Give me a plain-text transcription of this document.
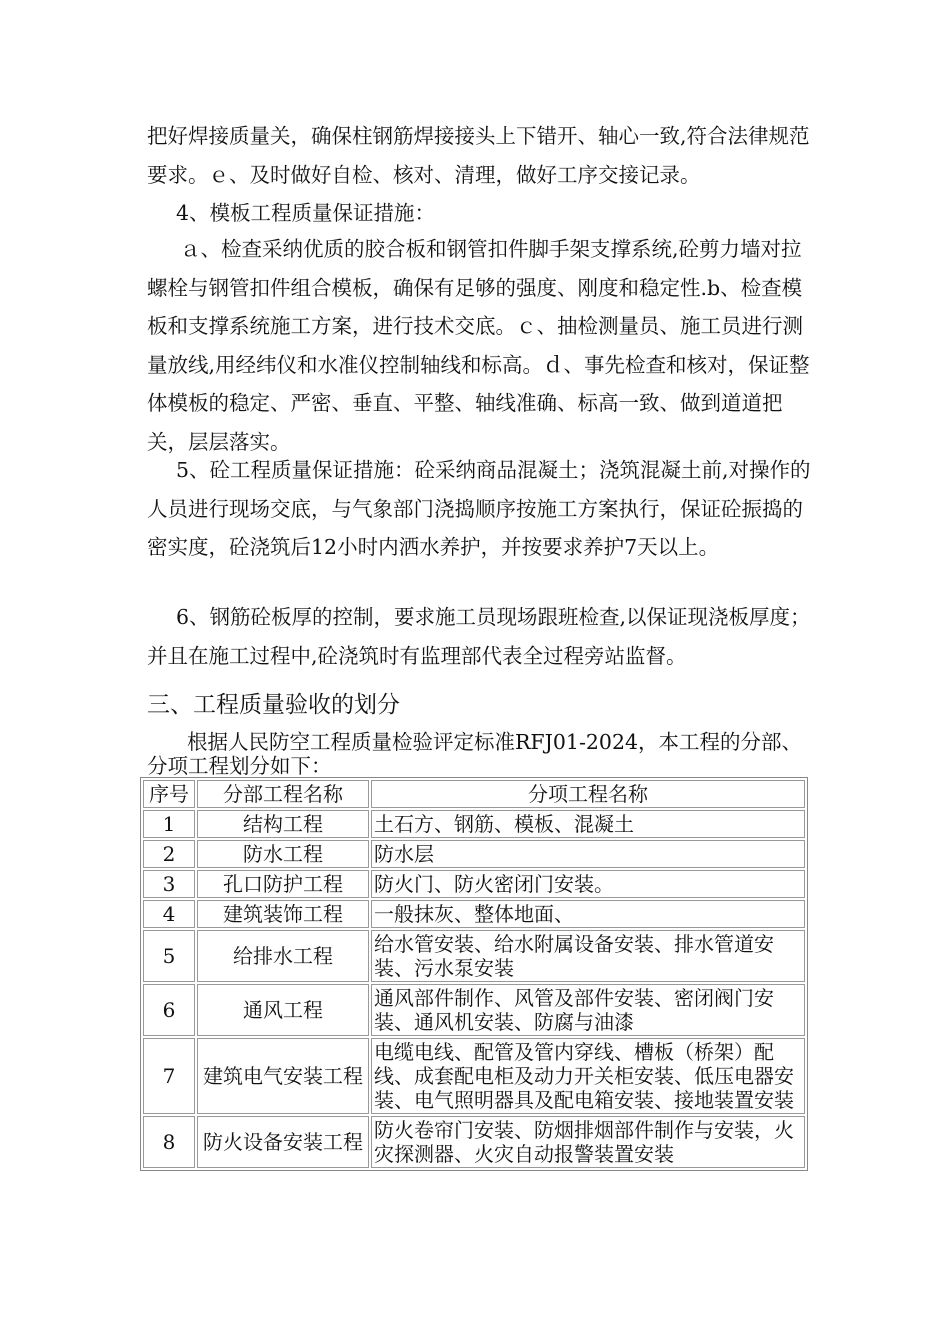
把好焊接质量关，确保柱钢筋焊接接头上下错开、轴心一致,符合法律规范要求。ｅ、及时做好自检、核对、清理，做好工序交接记录。

4、模板工程质量保证措施：

ａ、检查采纳优质的胶合板和钢管扣件脚手架支撑系统,砼剪力墙对拉螺栓与钢管扣件组合模板，确保有足够的强度、刚度和稳定性.b、检查模板和支撑系统施工方案，进行技术交底。ｃ、抽检测量员、施工员进行测量放线,用经纬仪和水准仪控制轴线和标高。ｄ、事先检查和核对，保证整体模板的稳定、严密、垂直、平整、轴线准确、标高一致、做到道道把关，层层落实。

5、砼工程质量保证措施：砼采纳商品混凝土；浇筑混凝土前,对操作的人员进行现场交底，与气象部门浇捣顺序按施工方案执行，保证砼振捣的密实度，砼浇筑后12小时内洒水养护，并按要求养护7天以上。

6、钢筋砼板厚的控制，要求施工员现场跟班检查,以保证现浇板厚度；并且在施工过程中,砼浇筑时有监理部代表全过程旁站监督。

三、工程质量验收的划分

根据人民防空工程质量检验评定标准RFJ01-2024，本工程的分部、分项工程划分如下：

序号	分部工程名称	分项工程名称
1	结构工程	土石方、钢筋、模板、混凝土
2	防水工程	防水层
3	孔口防护工程	防火门、防火密闭门安装。
4	建筑装饰工程	一般抹灰、整体地面、
5	给排水工程	给水管安装、给水附属设备安装、排水管道安装、污水泵安装
6	通风工程	通风部件制作、风管及部件安装、密闭阀门安装、通风机安装、防腐与油漆
7	建筑电气安装工程	电缆电线、配管及管内穿线、槽板（桥架）配线、成套配电柜及动力开关柜安装、低压电器安装、电气照明器具及配电箱安装、接地装置安装
8	防火设备安装工程	防火卷帘门安装、防烟排烟部件制作与安装，火灾探测器、火灾自动报警装置安装
